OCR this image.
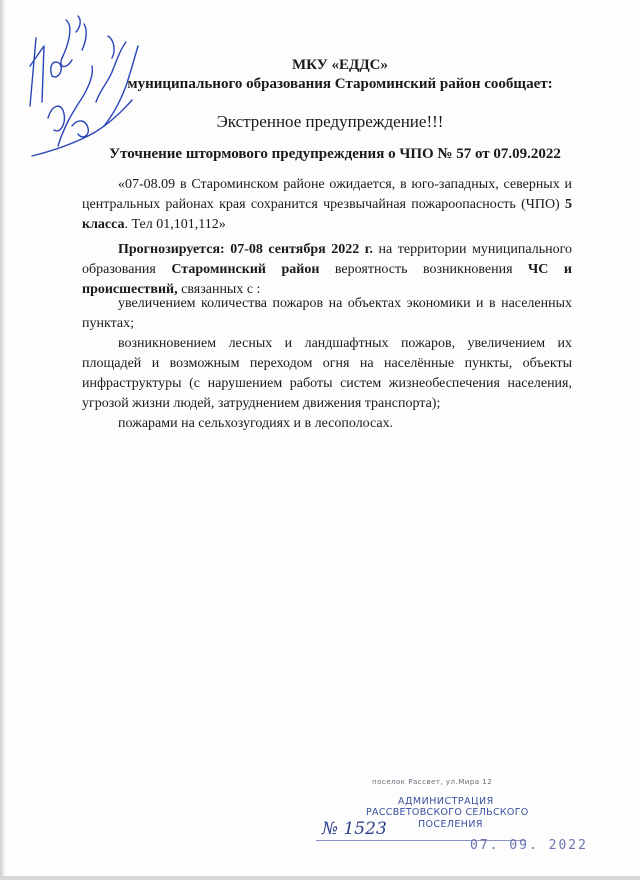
МКУ «ЕДДС»
муниципального образования Староминский район сообщает:
Экстренное предупреждение!!!
Уточнение штормового предупреждения о ЧПО № 57 от 07.09.2022
«07-08.09 в Староминском районе ожидается, в юго-западных, северных и центральных районах края сохранится чрезвычайная пожароопасность (ЧПО) 5 класса. Тел 01,101,112»
Прогнозируется: 07-08 сентября 2022 г. на территории муниципального образования Староминский район вероятность возникновения ЧС и происшествий, связанных с :
увеличением количества пожаров на объектах экономики и в населенных пунктах;
возникновением лесных и ландшафтных пожаров, увеличением их площадей и возможным переходом огня на населённые пункты, объекты инфраструктуры (с нарушением работы систем жизнеобеспечения населения, угрозой жизни людей, затруднением движения транспорта);
пожарами на сельхозугодиях и в лесополосах.
поселок Рассвет, ул.Мира 12
АДМИНИСТРАЦИЯ
РАССВЕТОВСКОГО СЕЛЬСКОГО
ПОСЕЛЕНИЯ
№ 1523
07. 09. 2022
